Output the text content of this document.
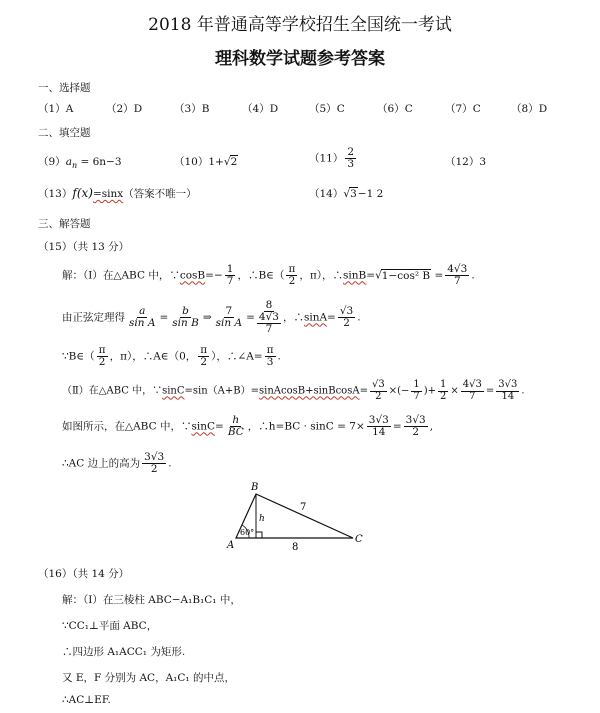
2018 年普通高等学校招生全国统一考试
理科数学试题参考答案
一、选择题
（1）A	（2）D	（3）B	（4）D	（5）C	（6）C	（7）C	（8）D
二、填空题
$(9)a_n = 6n-3$	（10）1+√2	$(11) \frac{2}{3}$	（12）3
（13）f(x)=sinx（答案不唯一）	（14）√3−1 2
三、解答题
（15）（共 13 分）
解：（Ⅰ）在△ABC 中，∵cosB=− $\frac{1}{7}$ ，∴B∈（ $\frac{\pi}{2}$ ，π），∴sinB=√1−cos² $B = \frac{4√3}{7}$ .
由正弦定理得 $\frac{a}{\text{sin A}} = \frac{b}{\text{sin B}}$ ⇒ $\frac{7}{\text{sin A}} = \frac{8}{\frac{4√3}{7}}$ ，∴sinA= $\frac{√3}{2}$ .
∵B∈（ $\frac{\pi}{2}$ ，π），∴A∈（0， $\frac{\pi}{2}$ ），∴∠A= $\frac{\pi}{3}$ .
（Ⅱ）在△ABC 中，∵sinC=sin（A+B）=sinAcosB+sinBcosA= $\frac{√3}{2}$ ×(− $\frac{1}{7}$ )+ $\frac{1}{2} \times \frac{4√3}{7} = \frac{3√3}{14}$ .
如图所示，在△ABC 中，∵sinC= $\frac{h}{BC}$ ，∴h=BC · $\sin C = 7\times \frac{3√3}{14} = \frac{3√3}{2}$ ,
∴AC 边上的高为 $\frac{3√3}{2}$ .
B
A
C
h
7
8
60°
（16）（共 14 分）
解：（Ⅰ）在三棱柱 ABC−A₁B₁C₁ 中，
∵CC₁⊥平面 ABC，
∴四边形 A₁ACC₁ 为矩形.
又 E，F 分别为 AC，A₁C₁ 的中点，
∴AC⊥EF.
